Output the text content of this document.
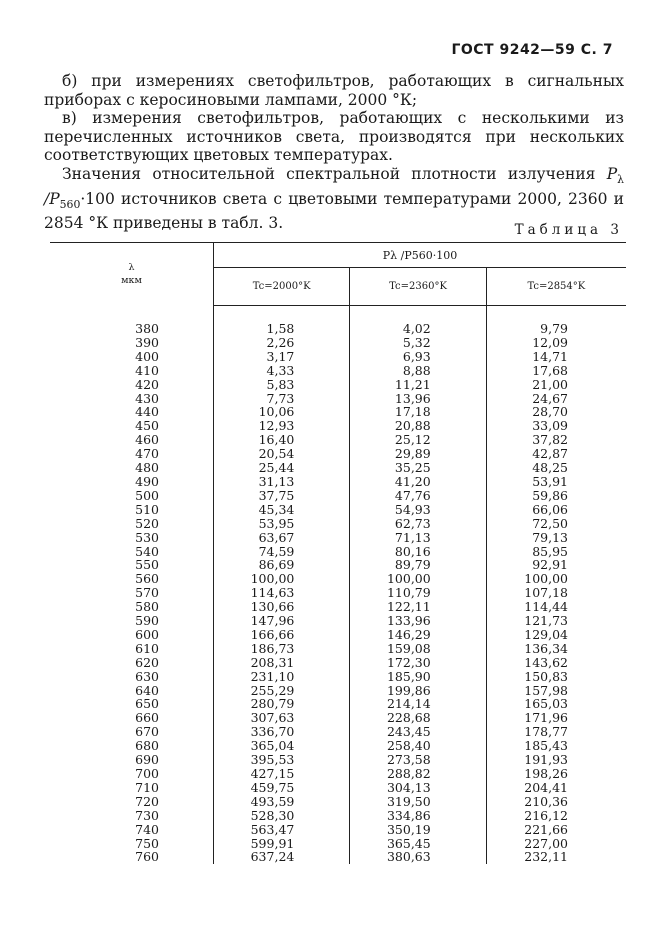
ГОСТ 9242—59 С. 7

б) при измерениях светофильтров, работающих в сигнальных приборах с керосиновыми лампами, 2000 °К;

в) измерения светофильтров, работающих с несколькими из перечисленных источников света, производятся при нескольких соответствующих цветовых температурах.

Значения относительной спектральной плотности излучения $P_\lambda$ $/P_{560}\cdot 100$ источников света с цветовыми температурами 2000, 2360 и 2854 °К приведены в табл. 3.	Таблица 3
λ
мкм	Pλ /P560·100		
	Tc=2000°K	Tc=2360°K	Tc=2854°K

380	1,58	4,02	9,79
390	2,26	5,32	12,09
400	3,17	6,93	14,71
410	4,33	8,88	17,68
420	5,83	11,21	21,00
430	7,73	13,96	24,67
440	10,06	17,18	28,70
450	12,93	20,88	33,09
460	16,40	25,12	37,82
470	20,54	29,89	42,87
480	25,44	35,25	48,25
490	31,13	41,20	53,91
500	37,75	47,76	59,86
510	45,34	54,93	66,06
520	53,95	62,73	72,50
530	63,67	71,13	79,13
540	74,59	80,16	85,95
550	86,69	89,79	92,91
560	100,00	100,00	100,00
570	114,63	110,79	107,18
580	130,66	122,11	114,44
590	147,96	133,96	121,73
600	166,66	146,29	129,04
610	186,73	159,08	136,34
620	208,31	172,30	143,62
630	231,10	185,90	150,83
640	255,29	199,86	157,98
650	280,79	214,14	165,03
660	307,63	228,68	171,96
670	336,70	243,45	178,77
680	365,04	258,40	185,43
690	395,53	273,58	191,93
700	427,15	288,82	198,26
710	459,75	304,13	204,41
720	493,59	319,50	210,36
730	528,30	334,86	216,12
740	563,47	350,19	221,66
750	599,91	365,45	227,00
760	637,24	380,63	232,11
